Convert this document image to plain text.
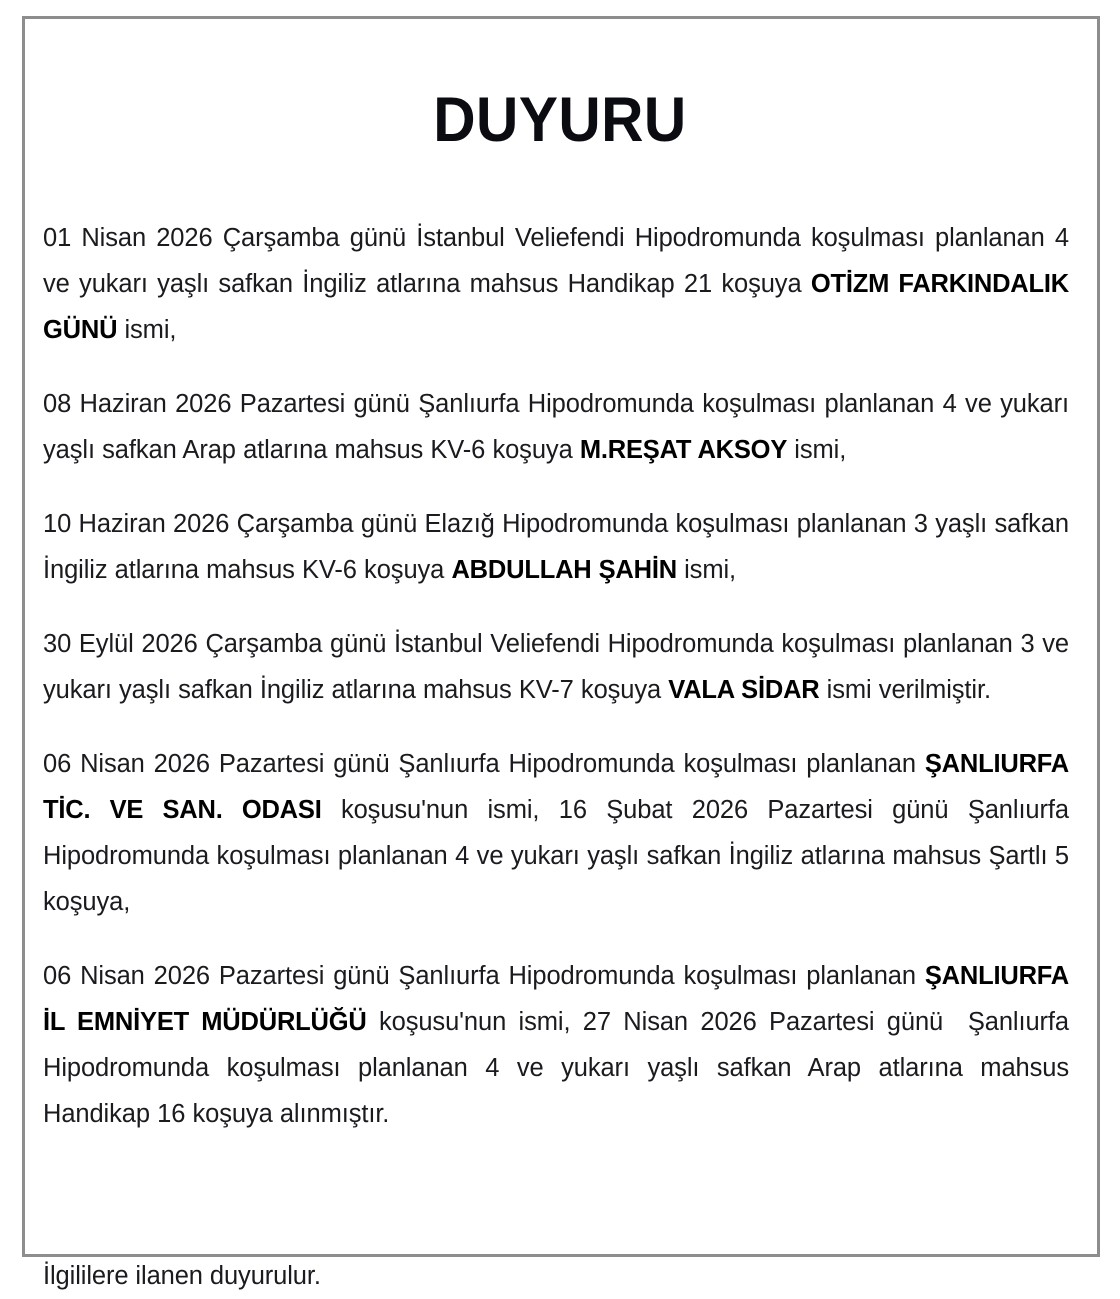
DUYURU

01 Nisan 2026 Çarşamba günü İstanbul Veliefendi Hipodromunda koşulması planlanan 4 ve yukarı yaşlı safkan İngiliz atlarına mahsus Handikap 21 koşuya OTİZM FARKINDALIK GÜNÜ ismi,

08 Haziran 2026 Pazartesi günü Şanlıurfa Hipodromunda koşulması planlanan 4 ve yukarı yaşlı safkan Arap atlarına mahsus KV-6 koşuya M.REŞAT AKSOY ismi,

10 Haziran 2026 Çarşamba günü Elazığ Hipodromunda koşulması planlanan 3 yaşlı safkan İngiliz atlarına mahsus KV-6 koşuya ABDULLAH ŞAHİN ismi,

30 Eylül 2026 Çarşamba günü İstanbul Veliefendi Hipodromunda koşulması planlanan 3 ve yukarı yaşlı safkan İngiliz atlarına mahsus KV-7 koşuya VALA SİDAR ismi verilmiştir.

06 Nisan 2026 Pazartesi günü Şanlıurfa Hipodromunda koşulması planlanan ŞANLIURFA TİC. VE SAN. ODASI koşusu'nun ismi, 16 Şubat 2026 Pazartesi günü Şanlıurfa Hipodromunda koşulması planlanan 4 ve yukarı yaşlı safkan İngiliz atlarına mahsus Şartlı 5 koşuya,

06 Nisan 2026 Pazartesi günü Şanlıurfa Hipodromunda koşulması planlanan ŞANLIURFA İL EMNİYET MÜDÜRLÜĞÜ koşusu'nun ismi, 27 Nisan 2026 Pazartesi günü  Şanlıurfa Hipodromunda koşulması planlanan 4 ve yukarı yaşlı safkan Arap atlarına mahsus Handikap 16 koşuya alınmıştır.

İlgililere ilanen duyurulur.
